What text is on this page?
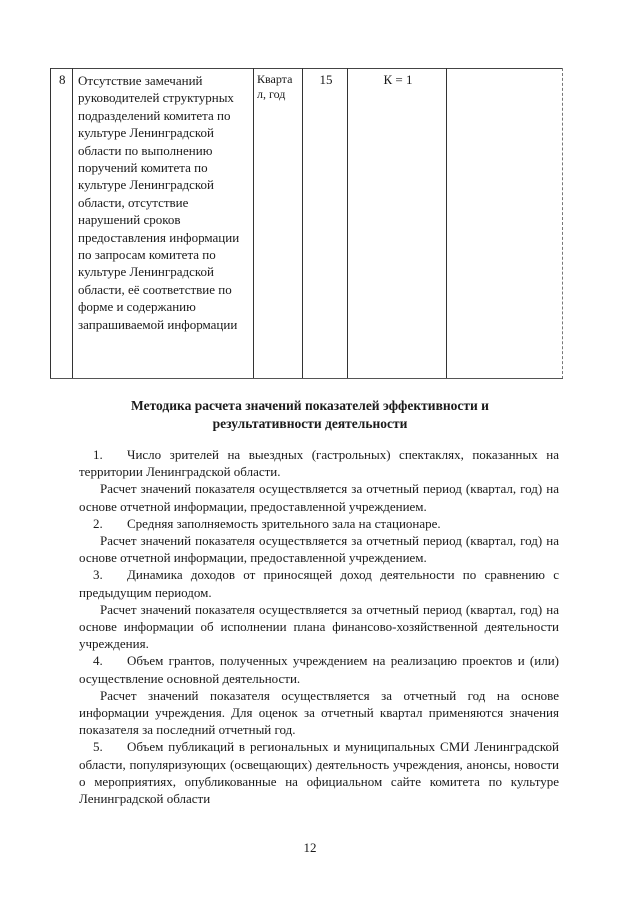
8 Отсутствие замечаний руководителей структурных подразделений комитета по культуре Ленинградской области по выполнению поручений комитета по культуре Ленинградской области, отсутствие нарушений сроков предоставления информации по запросам комитета по культуре Ленинградской области, её соответствие по форме и содержанию запрашиваемой информации
Кварта л, год
15	К = 1
Методика расчета значений показателей эффективности и результативности деятельности

1. Число зрителей на выездных (гастрольных) спектаклях, показанных на территории Ленинградской области.

Расчет значений показателя осуществляется за отчетный период (квартал, год) на основе отчетной информации, предоставленной учреждением.

2. Средняя заполняемость зрительного зала на стационаре.

Расчет значений показателя осуществляется за отчетный период (квартал, год) на основе отчетной информации, предоставленной учреждением.

3. Динамика доходов от приносящей доход деятельности по сравнению с предыдущим периодом.

Расчет значений показателя осуществляется за отчетный период (квартал, год) на основе информации об исполнении плана финансово-хозяйственной деятельности учреждения.

4. Объем грантов, полученных учреждением на реализацию проектов и (или) осуществление основной деятельности.

Расчет значений показателя осуществляется за отчетный год на основе информации учреждения. Для оценок за отчетный квартал применяются значения показателя за последний отчетный год.

5. Объем публикаций в региональных и муниципальных СМИ Ленинградской области, популяризующих (освещающих) деятельность учреждения, анонсы, новости о мероприятиях, опубликованные на официальном сайте комитета по культуре Ленинградской области

12
